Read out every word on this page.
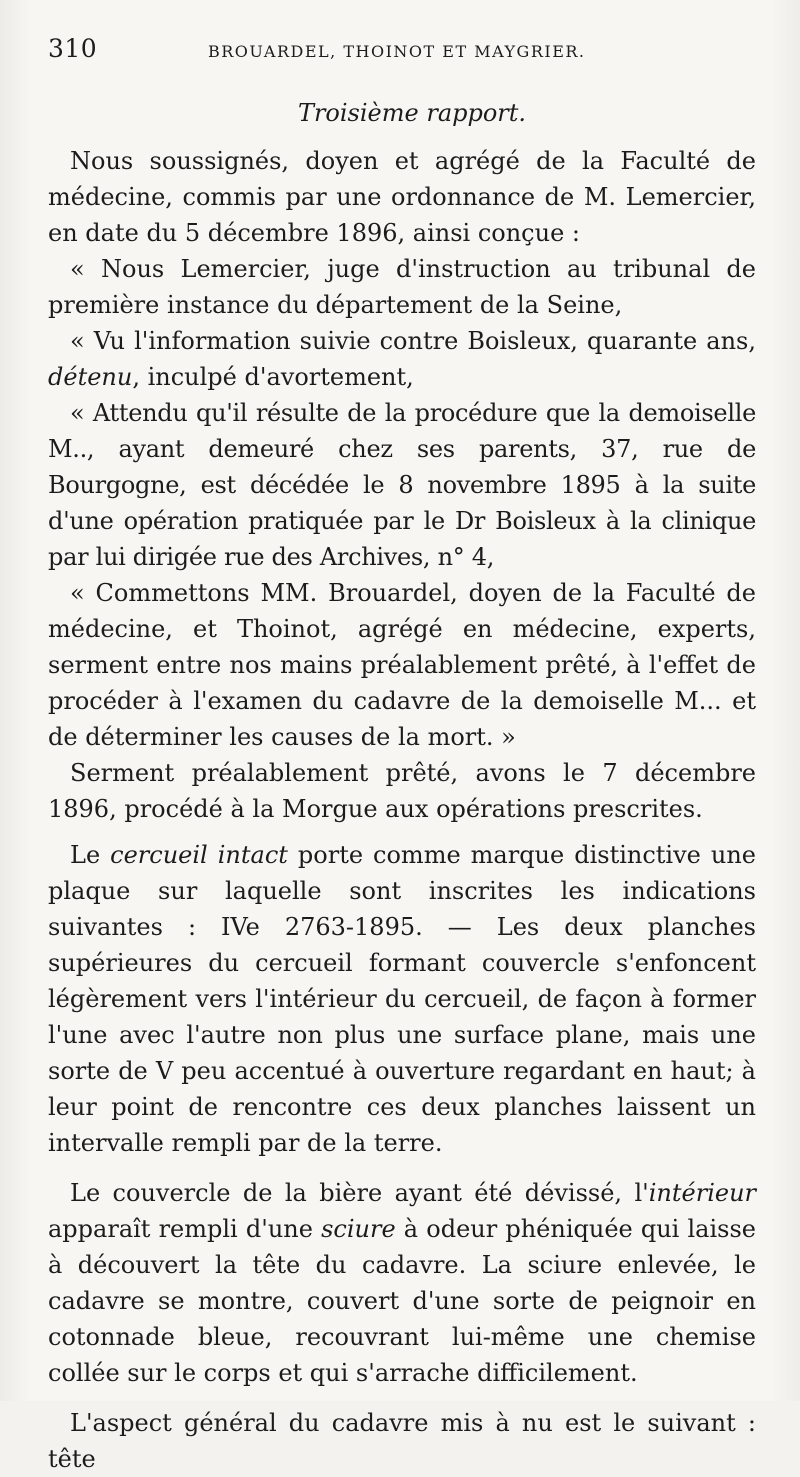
310	BROUARDEL, THOINOT ET MAYGRIER.

Troisième rapport.

Nous soussignés, doyen et agrégé de la Faculté de médecine, commis par une ordonnance de M. Lemercier, en date du 5 décembre 1896, ainsi conçue :

« Nous Lemercier, juge d'instruction au tribunal de première instance du département de la Seine,

« Vu l'information suivie contre Boisleux, quarante ans, détenu, inculpé d'avortement,

« Attendu qu'il résulte de la procédure que la demoiselle M.., ayant demeuré chez ses parents, 37, rue de Bourgogne, est décédée le 8 novembre 1895 à la suite d'une opération pratiquée par le Dr Boisleux à la clinique par lui dirigée rue des Archives, n° 4,

« Commettons MM. Brouardel, doyen de la Faculté de médecine, et Thoinot, agrégé en médecine, experts, serment entre nos mains préalablement prêté, à l'effet de procéder à l'examen du cadavre de la demoiselle M... et de déterminer les causes de la mort. »

Serment préalablement prêté, avons le 7 décembre 1896, procédé à la Morgue aux opérations prescrites.

Le cercueil intact porte comme marque distinctive une plaque sur laquelle sont inscrites les indications suivantes : IVe 2763-1895. — Les deux planches supérieures du cercueil formant couvercle s'enfoncent légèrement vers l'intérieur du cercueil, de façon à former l'une avec l'autre non plus une surface plane, mais une sorte de V peu accentué à ouverture regardant en haut; à leur point de rencontre ces deux planches laissent un intervalle rempli par de la terre.

Le couvercle de la bière ayant été dévissé, l'intérieur apparaît rempli d'une sciure à odeur phéniquée qui laisse à découvert la tête du cadavre. La sciure enlevée, le cadavre se montre, couvert d'une sorte de peignoir en cotonnade bleue, recouvrant lui-même une chemise collée sur le corps et qui s'arrache difficilement.

L'aspect général du cadavre mis à nu est le suivant : tête
